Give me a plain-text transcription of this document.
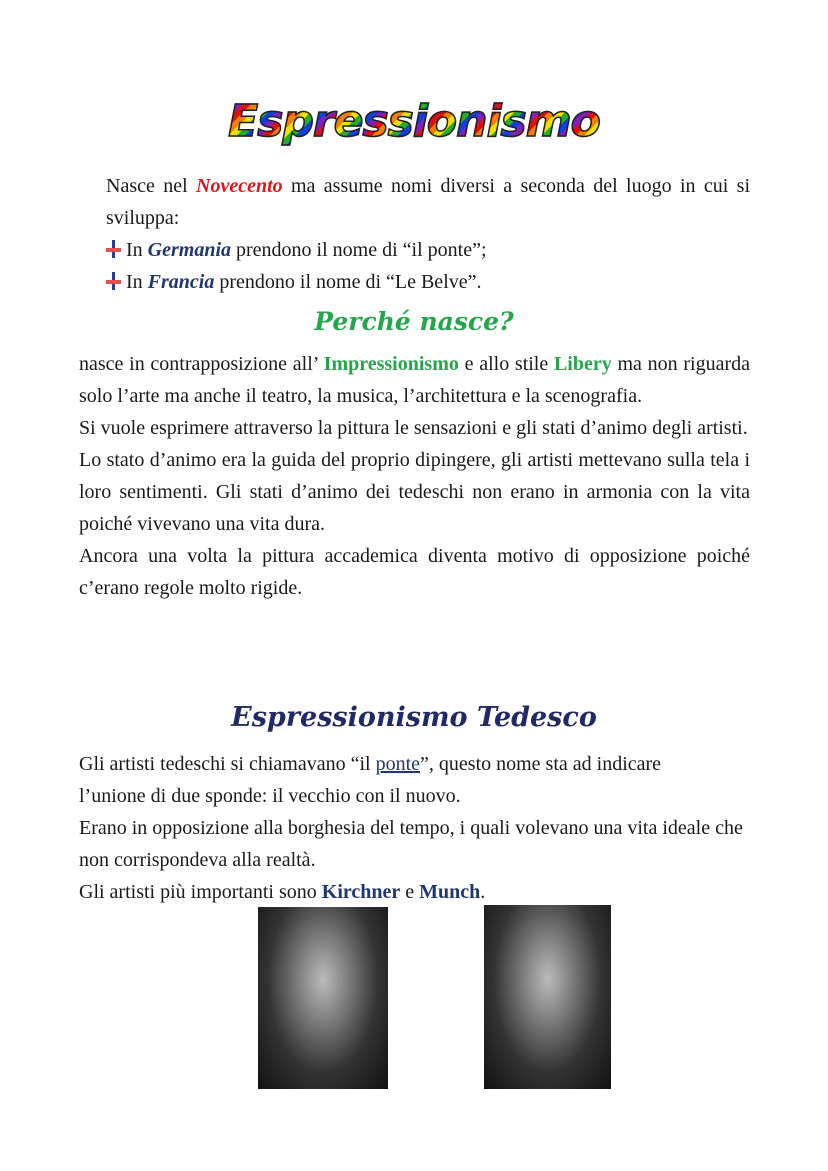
Espressionismo
Nasce nel Novecento ma assume nomi diversi a seconda del luogo in cui si sviluppa:
In Germania prendono il nome di “il ponte”;
In Francia prendono il nome di “Le Belve”.
Perché nasce?
nasce in contrapposizione all’ Impressionismo e allo stile Libery ma non riguarda solo l’arte ma anche il teatro, la musica, l’architettura e la scenografia.
Si vuole esprimere attraverso la pittura le sensazioni e gli stati d’animo degli artisti.
Lo stato d’animo era la guida del proprio dipingere, gli artisti mettevano sulla tela i loro sentimenti. Gli stati d’animo dei tedeschi non erano in armonia con la vita poiché vivevano una vita dura.
Ancora una volta la pittura accademica diventa motivo di opposizione poiché c’erano regole molto rigide.
Espressionismo Tedesco
Gli artisti tedeschi si chiamavano “il ponte”, questo nome sta ad indicare l’unione di due sponde: il vecchio con il nuovo.
Erano in opposizione alla borghesia del tempo, i quali volevano una vita ideale che non corrispondeva alla realtà.
Gli artisti più importanti sono Kirchner e Munch.
